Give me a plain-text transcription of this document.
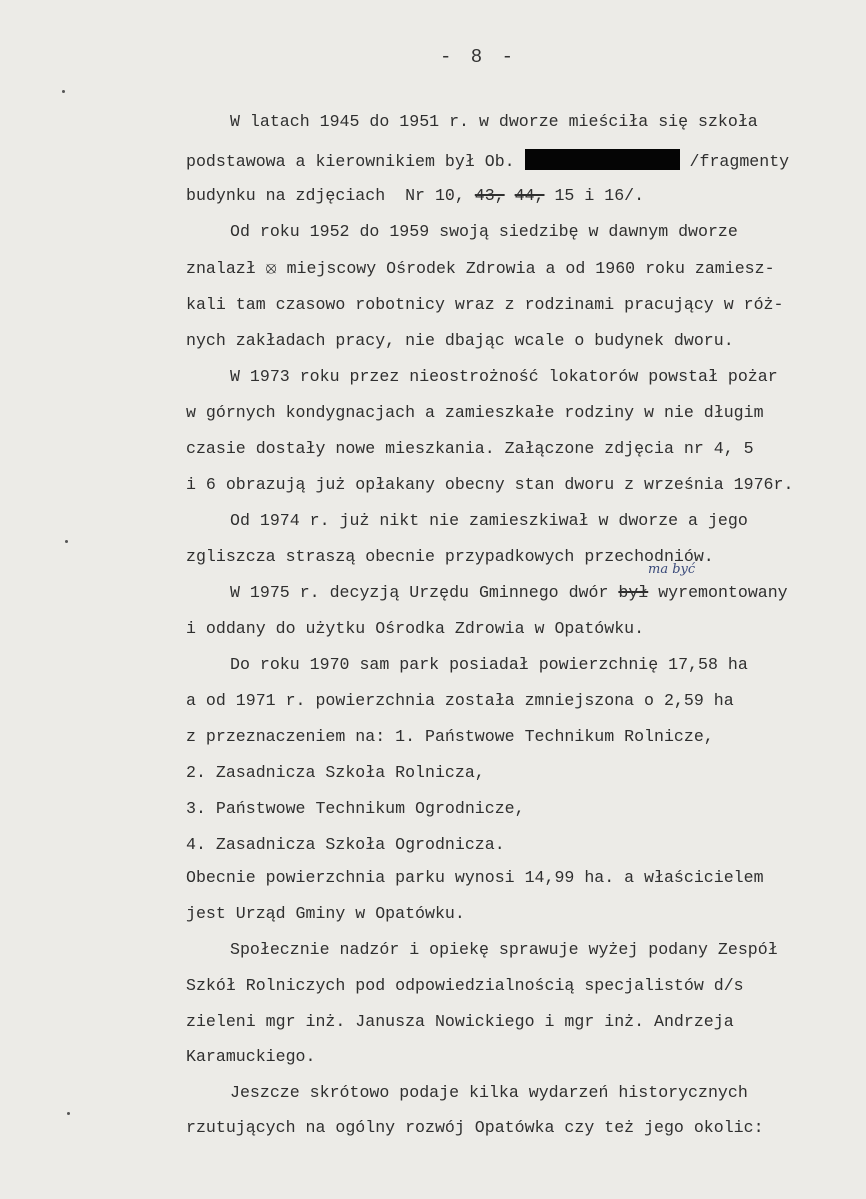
- 8 -
W latach 1945 do 1951 r. w dworze mieściła się szkoła
podstawowa a kierownikiem był Ob.	/fragmenty
budynku na zdjęciach  Nr 10, 43, 44, 15 i 16/.
Od roku 1952 do 1959 swoją siedzibę w dawnym dworze
znalazł ⦻ miejscowy Ośrodek Zdrowia a od 1960 roku zamiesz-
kali tam czasowo robotnicy wraz z rodzinami pracujący w róż-
nych zakładach pracy, nie dbając wcale o budynek dworu.
W 1973 roku przez nieostrożność lokatorów powstał pożar
w górnych kondygnacjach a zamieszkałe rodziny w nie długim
czasie dostały nowe mieszkania. Załączone zdjęcia nr 4, 5
i 6 obrazują już opłakany obecny stan dworu z września 1976r.
Od 1974 r. już nikt nie zamieszkiwał w dworze a jego
zgliszcza straszą obecnie przypadkowych przechodniów.
ma być
W 1975 r. decyzją Urzędu Gminnego dwór był wyremontowany
i oddany do użytku Ośrodka Zdrowia w Opatówku.
Do roku 1970 sam park posiadał powierzchnię 17,58 ha
a od 1971 r. powierzchnia została zmniejszona o 2,59 ha
z przeznaczeniem na: 1. Państwowe Technikum Rolnicze,
2. Zasadnicza Szkoła Rolnicza,
3. Państwowe Technikum Ogrodnicze,
4. Zasadnicza Szkoła Ogrodnicza.
Obecnie powierzchnia parku wynosi 14,99 ha. a właścicielem
jest Urząd Gminy w Opatówku.
Społecznie nadzór i opiekę sprawuje wyżej podany Zespół
Szkół Rolniczych pod odpowiedzialnością specjalistów d/s
zieleni mgr inż. Janusza Nowickiego i mgr inż. Andrzeja
Karamuckiego.
Jeszcze skrótowo podaje kilka wydarzeń historycznych
rzutujących na ogólny rozwój Opatówka czy też jego okolic:
